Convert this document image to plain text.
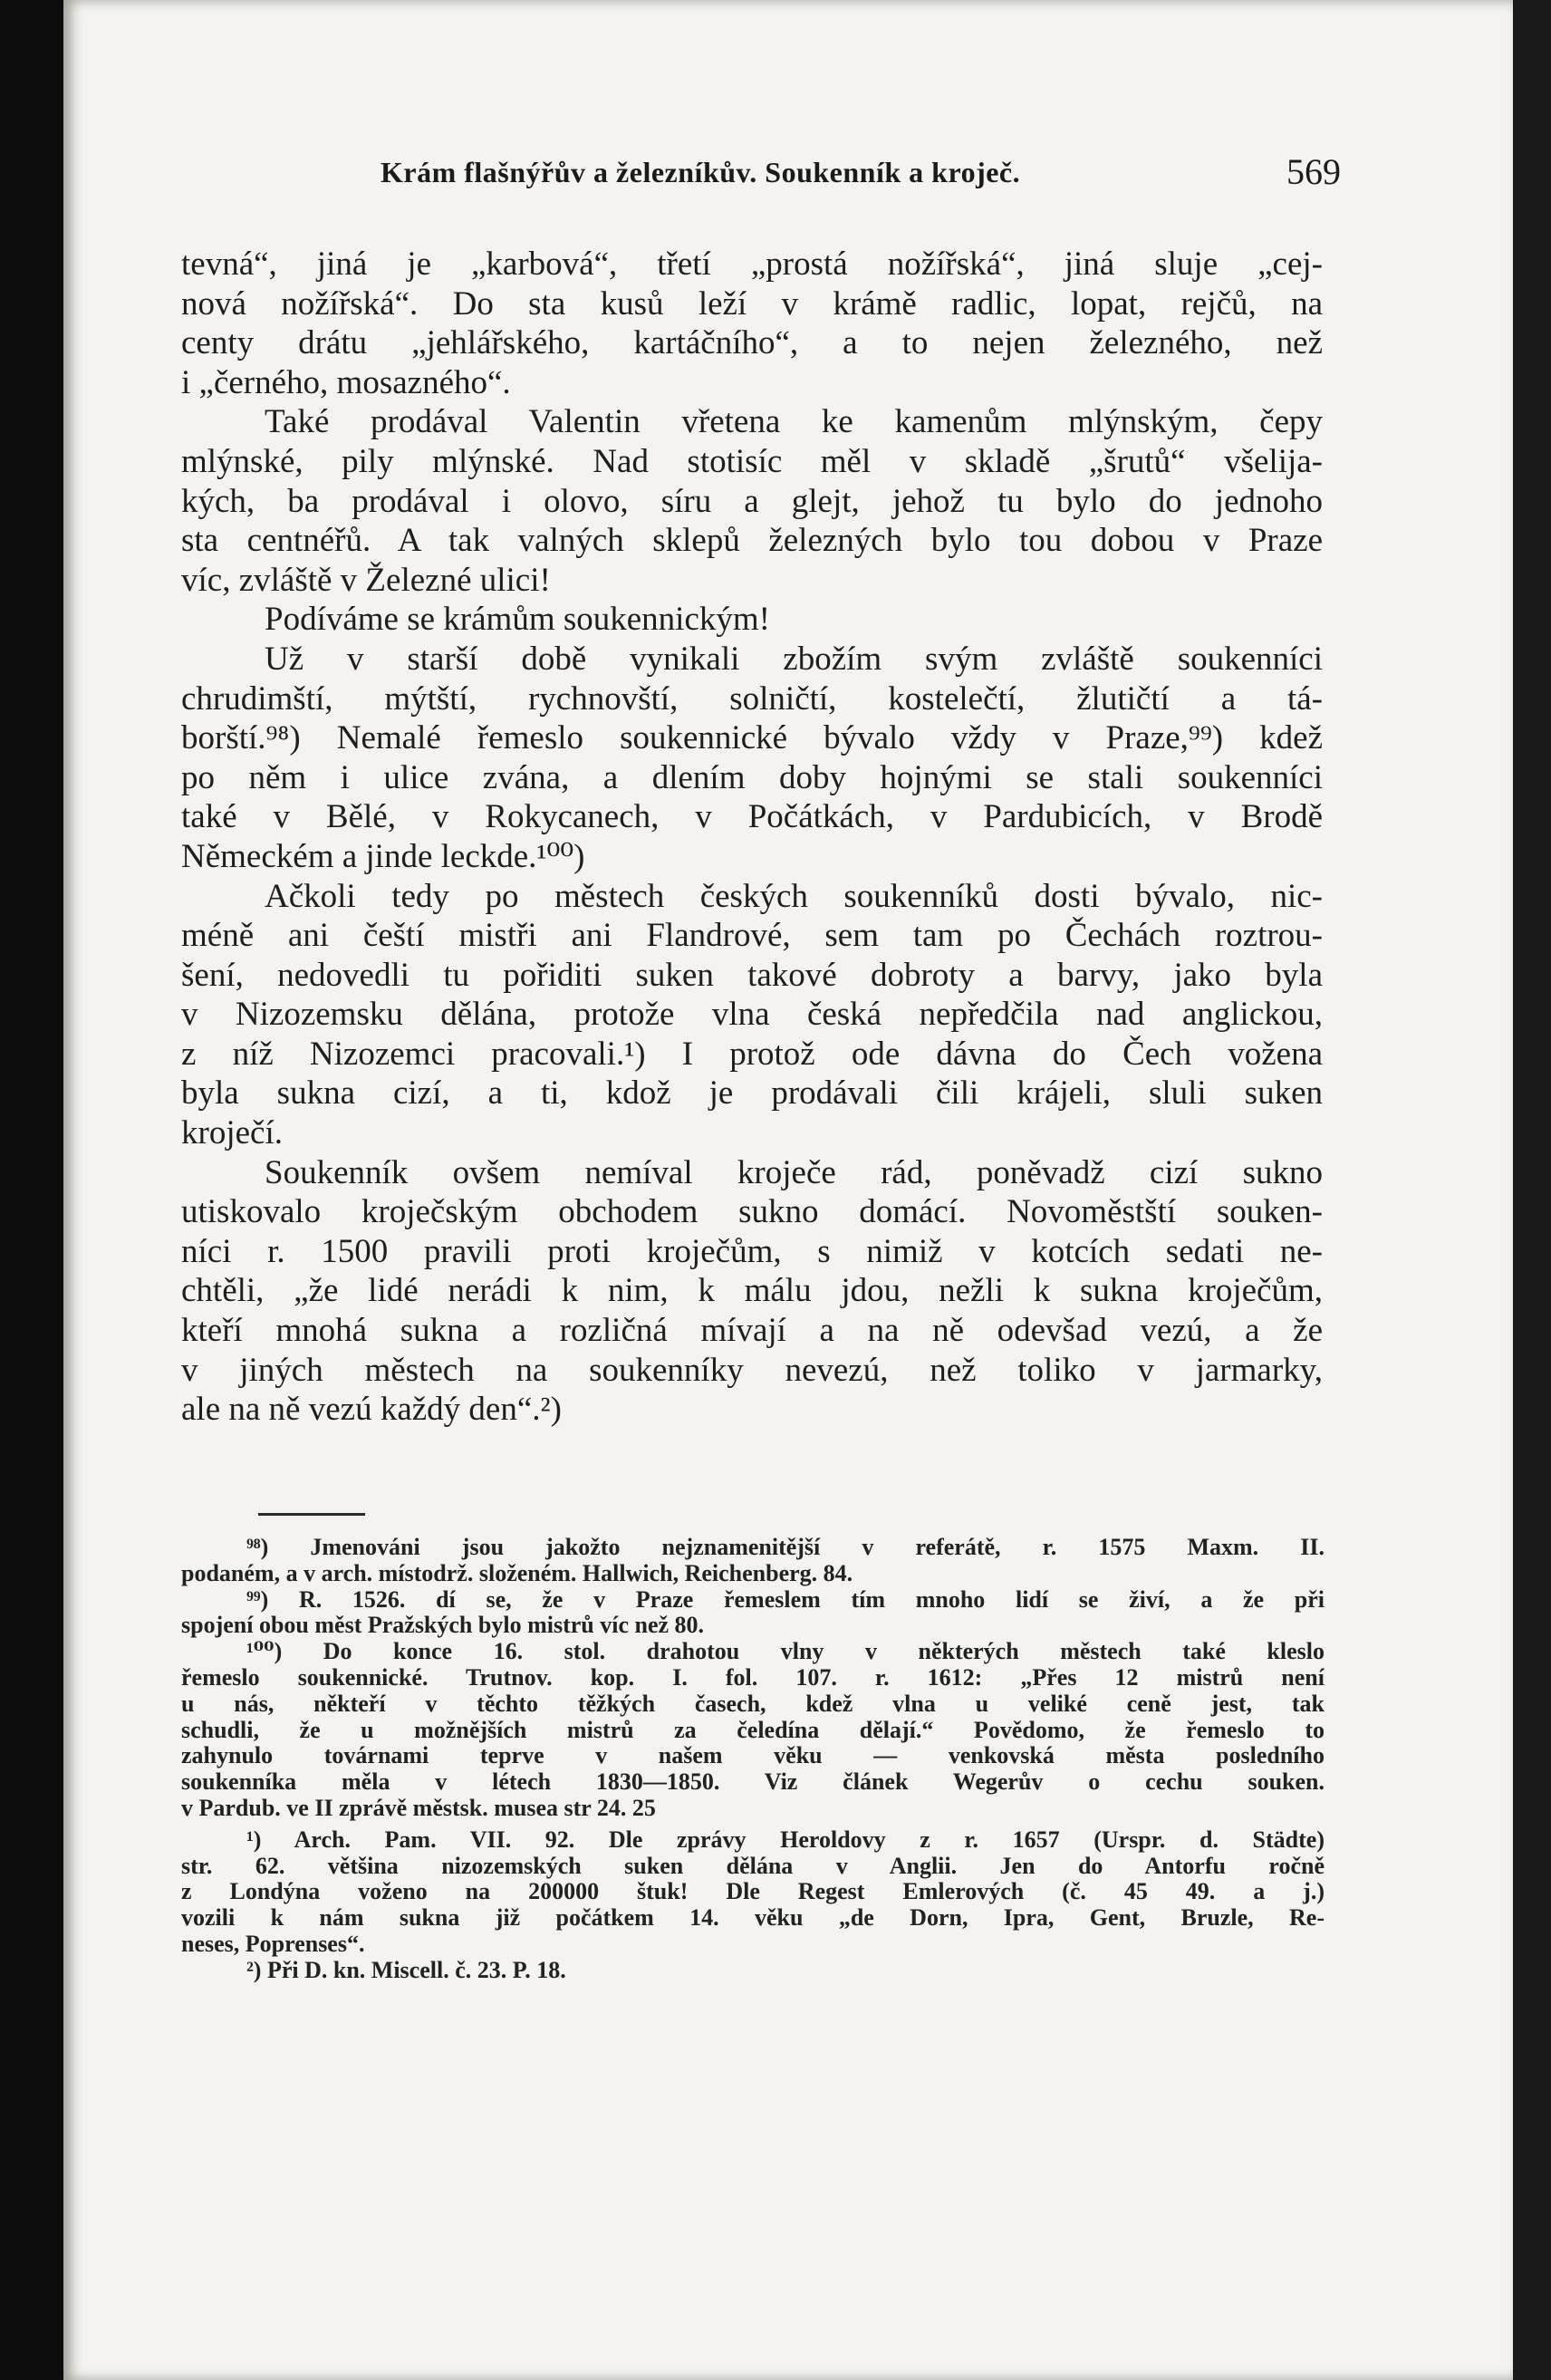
Krám flašnýřův a železníkův. Soukenník a kroječ.	569
tevná“, jiná je „karbová“, třetí „prostá nožířská“, jiná sluje „cej-
nová nožířská“. Do sta kusů leží v krámě radlic, lopat, rejčů, na
centy drátu „jehlářského, kartáčního“, a to nejen železného, než
i „černého, mosazného“.
Také prodával Valentin vřetena ke kamenům mlýnským, čepy
mlýnské, pily mlýnské. Nad stotisíc měl v skladě „šrutů“ všelija-
kých, ba prodával i olovo, síru a glejt, jehož tu bylo do jednoho
sta centnéřů. A tak valných sklepů železných bylo tou dobou v Praze
víc, zvláště v Železné ulici!
Podíváme se krámům soukennickým!
Už v starší době vynikali zbožím svým zvláště soukenníci
chrudimští, mýtští, rychnovští, solničtí, kostelečtí, žlutičtí a tá-
borští.⁹⁸) Nemalé řemeslo soukennické bývalo vždy v Praze,⁹⁹) kdež
po něm i ulice zvána, a dlením doby hojnými se stali soukenníci
také v Bělé, v Rokycanech, v Počátkách, v Pardubicích, v Brodě
Německém a jinde leckde.¹⁰⁰)
Ačkoli tedy po městech českých soukenníků dosti bývalo, nic-
méně ani čeští mistři ani Flandrové, sem tam po Čechách roztrou-
šení, nedovedli tu pořiditi suken takové dobroty a barvy, jako byla
v Nizozemsku dělána, protože vlna česká nepředčila nad anglickou,
z níž Nizozemci pracovali.¹) I protož ode dávna do Čech vožena
byla sukna cizí, a ti, kdož je prodávali čili krájeli, sluli suken
kroječí.
Soukenník ovšem nemíval kroječe rád, poněvadž cizí sukno
utiskovalo kroječským obchodem sukno domácí. Novoměstští souken-
níci r. 1500 pravili proti kroječům, s nimiž v kotcích sedati ne-
chtěli, „že lidé nerádi k nim, k málu jdou, nežli k sukna kroječům,
kteří mnohá sukna a rozličná mívají a na ně odevšad vezú, a že
v jiných městech na soukenníky nevezú, než toliko v jarmarky,
ale na ně vezú každý den“.²)
⁹⁸) Jmenováni jsou jakožto nejznamenitější v referátě, r. 1575 Maxm. II.
podaném, a v arch. místodrž. složeném. Hallwich, Reichenberg. 84.
⁹⁹) R. 1526. dí se, že v Praze řemeslem tím mnoho lidí se živí, a že při
spojení obou měst Pražských bylo mistrů víc než 80.
¹⁰⁰) Do konce 16. stol. drahotou vlny v některých městech také kleslo
řemeslo soukennické. Trutnov. kop. I. fol. 107. r. 1612: „Přes 12 mistrů není
u nás, někteří v těchto těžkých časech, kdež vlna u veliké ceně jest, tak
schudli, že u možnějších mistrů za čeledína dělají.“ Povědomo, že řemeslo to
zahynulo továrnami teprve v našem věku — venkovská města posledního
soukenníka měla v létech 1830—1850. Viz článek Wegerův o cechu souken.
v Pardub. ve II zprávě městsk. musea str 24. 25
¹) Arch. Pam. VII. 92. Dle zprávy Heroldovy z r. 1657 (Urspr. d. Städte)
str. 62. většina nizozemských suken dělána v Anglii. Jen do Antorfu ročně
z Londýna voženo na 200000 štuk! Dle Regest Emlerových (č. 45 49. a j.)
vozili k nám sukna již počátkem 14. věku „de Dorn, Ipra, Gent, Bruzle, Re-
neses, Poprenses“.
²) Při D. kn. Miscell. č. 23. P. 18.
